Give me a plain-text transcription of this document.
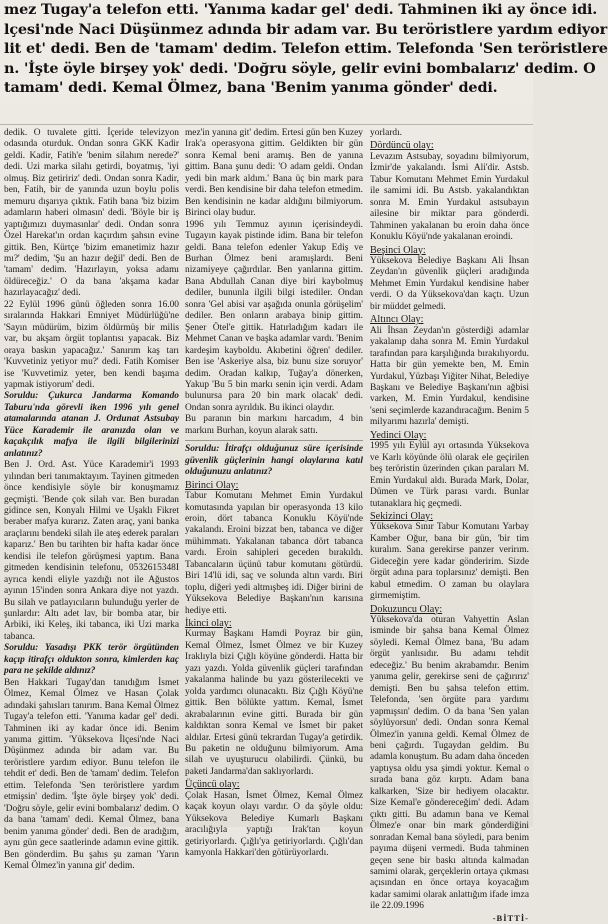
mez Tugay'a telefon etti. 'Yanıma kadar gel' dedi. Tahminen iki ay önce idi.

lçesi'nde Naci Düşünmez adında bir adam var. Bu teröristlere yardım ediyor

lit et' dedi. Ben de 'tamam' dedim. Telefon ettim. Telefonda 'Sen teröristlere

n. 'İşte öyle birşey yok' dedi. 'Doğru söyle, gelir evini bombalarız' dedim. O

tamam' dedi. Kemal Ölmez, bana 'Benim yanıma gönder' dedi.

dedik. O tuvalete gitti. İçeride televizyon odasında oturduk. Ondan sonra GKK Kadir geldi. Kadir, Fatih'e 'benim silahım nerede?' dedi. Uzi marka silahı getirdi, boyatmış, 'iyi olmuş. Biz getiririz' dedi. Ondan sonra Kadir, ben, Fatih, bir de yanında uzun boylu polis memuru dışarıya çıktık. Fatih bana 'biz bizim adamların haberi olmasın' dedi. 'Böyle bir iş yaptığımızı duymasınlar' dedi. Ondan sonra Özel Harekat'ın ordan kaçırdım şahsın evine gittik. Ben, Kürtçe 'bizim emanetimiz hazır mı?' dedim, 'Şu an hazır değil' dedi. Ben de 'tamam' dedim. 'Hazırlayın, yoksa adamı öldüreceğiz.' O da bana 'akşama kadar hazırlayacağız' dedi.

22 Eylül 1996 günü öğleden sonra 16.00 sıralarında Hakkari Emniyet Müdürlüğü'ne 'Sayın müdürüm, bizim öldürmüş bir milis var, bu akşam örgüt toplantısı yapacak. Biz oraya baskın yapacağız.' Sanırım kaş tarı 'Kuvvetiniz yetiyor mu?' dedi. Fatih Komiser ise 'Kuvvetimiz yeter, ben kendi başıma yapmak istiyorum' dedi.

Soruldu: Çukurca Jandarma Komando Taburu'nda görevli iken 1996 yılı genel atamalarında atanan J. Ordunat Astsubay Yüce Karademir ile aranızda olan ve kaçakçılık mafya ile ilgili bilgilerinizi anlatınız?

Ben J. Ord. Ast. Yüce Karademir'i 1993 yılından beri tanımaktayım. Tayinen gitmeden önce kendisiyle söyle bir konuşmamız geçmişti. 'Bende çok silah var. Ben buradan gidince sen, Konyalı Hilmi ve Uşaklı Fikret beraber mafya kurarız. Zaten araç, yani banka araçlarını bendeki silah ile ateş ederek paraları kaparız.' Ben bu tarihten bir hafta kadar önce kendisi ile telefon görüşmesi yaptım. Bana gitmeden kendisinin telefonu, 0532615348I ayrıca kendi eliyle yazdığı not ile Ağustos ayının 15'inden sonra Ankara diye not yazdı. Bu silah ve patlayıcıların bulunduğu yerler de şunlardır: Altı adet lav, bir bomba atar, bir Arbiki, iki Keleş, iki tabanca, iki Uzi marka tabanca.

Soruldu: Yasadışı PKK terör örgütünden kaçıp itirafçı oldukton sonra, kimlerden kaç para ne şekilde aldınız?

Ben Hakkari Tugay'dan tanıdığım İsmet Ölmez, Kemal Ölmez ve Hasan Çolak adındaki şahısları tanırım. Bana Kemal Ölmez Tugay'a telefon etti. 'Yanıma kadar gel' dedi. Tahminen iki ay kadar önce idi. Benim yanıma gittim. 'Yüksekova İlçesi'nde Naci Düşünmez adında bir adam var. Bu teröristlere yardım ediyor. Bunu telefon ile tehdit et' dedi. Ben de 'tamam' dedim. Telefon ettim. Telefonda 'Sen teröristlere yardım etmişsin' dedim. 'İşte öyle birşey yok' dedi. 'Doğru söyle, gelir evini bombalarız' dedim. O da bana 'tamam' dedi. Kemal Ölmez, bana benim yanıma gönder' dedi. Ben de aradığım, aynı gün gece saatlerinde adamın evine gittik. Ben gönderdim. Bu şahıs şu zaman 'Yarın Kemal Ölmez'in yanına git' dedim.

mez'in yanına git' dedim. Ertesi gün ben Kuzey Irak'a operasyona gittim. Geldikten bir gün sonra Kemal beni aramış. Ben de yanına gittim. Bana şunu dedi: 'O adam geldi. Ondan yedi bin mark aldım.' Bana üç bin mark para verdi. Ben kendisine bir daha telefon etmedim. Ben kendisinin ne kadar aldığını bilmiyorum. Birinci olay budur.

1996 yılı Temmuz ayının içerisindeydi. Tugayın kayak pistinde idim. Bana bir telefon geldi. Bana telefon edenler Yakup Ediş ve Burhan Ölmez beni aramışlardı. Beni nizamiyeye çağırdılar. Ben yanlarına gittim. Bana Abdullah Canan diye biri kaybolmuş dediler, bununla ilgili bilgi istediler. Ondan sonra 'Gel abisi var aşağıda onunla görüşelim' dediler. Ben onların arabaya binip gittim. Şener Ötel'e gittik. Hatırladığım kadarı ile Mehmet Canan ve başka adamlar vardı. 'Benim kardeşim kayboldu. Akıbetini öğren' dediler. Ben ise 'Askeriye alsa, biz bunu size soruyor' dedim. Oradan kalkıp, Tuğay'a dönerken, Yakup 'Bu 5 bin markı senin için verdi. Adam bulunursa para 20 bin mark olacak' dedi. Ondan sonra ayrıldık. Bu ikinci olaydır.

Bu paranın bin markını harcadım, 4 bin markını Burhan, koyun alarak sattı.

Soruldu: İtirafçı olduğunuz süre içerisinde güvenlik güçlerinin hangi olaylarına katıl olduğunuzu anlatınız?

Birinci Olay:

Tabur Komutanı Mehmet Emin Yurdakul komutasında yapılan bir operasyonda 13 kilo eroin, dört tabanca Konuklu Köyü'nde yakalandı. Eroini bizzat ben, tabanca ve diğer mühimmatı. Yakalanan tabanca dört tabanca vardı. Eroin sahipleri geceden bırakıldı. Tabancaların üçünü tabur komutanı götürdü. Biri 14'lü idi, saç ve solunda altın vardı. Biri toplu, diğeri yedi altmışbeş idi. Diğer birini de Yüksekova Belediye Başkanı'nın karısına hediye etti.

İkinci olay:

Kurmay Başkanı Hamdi Poyraz bir gün, Kemal Ölmez, İsmet Ölmez ve bir Kuzey Iraklıyla bizi Çığlı köyüne gönderdi. Hatta bir yazı yazdı. Yolda güvenlik güçleri tarafından yakalanma halinde bu yazı gösterilecekti ve yolda yardımcı olunacaktı. Biz Çığlı Köyü'ne gittik. Ben bölükte yattım. Kemal, İsmet akrabalarının evine gitti. Burada bir gün kaldıktan sonra Kemal ve İsmet bir paket aldılar. Ertesi günü tekrardan Tugay'a getirdik. Bu paketin ne olduğunu bilmiyorum. Ama silah ve uyuşturucu olabilirdi. Çünkü, bu paketi Jandarma'dan saklıyorlardı.

Üçüncü olay:

Çolak Hasan, İsmet Ölmez, Kemal Ölmez kaçak koyun olayı vardır. O da şöyle oldu: Yüksekova Belediye Kumarlı Başkanı aracılığıyla yaptığı Irak'tan koyun getiriyorlardı. Çığlı'ya getiriyorlardı. Çığlı'dan kamyonla Hakkari'den götürüyorlardı.

yorlardı.

Dördüncü olay:

Levazım Astsubay, soyadını bilmiyorum, İzmir'de yakalandı. İsmi Ali'dir. Astsb. Tabur Komutanı Mehmet Emin Yurdakul ile samimi idi. Bu Astsb. yakalandıktan sonra M. Emin Yurdakul astsubayın ailesine bir miktar para gönderdi. Tahminen yakalanan bu eroin daha önce Konuklu Köyü'nde yakalanan eroindi.

Beşinci Olay:

Yüksekova Belediye Başkanı Ali İhsan Zeydan'ın güvenlik güçleri aradığında Mehmet Emin Yurdakul kendisine haber verdi. O da Yüksekova'dan kaçtı. Uzun bir müddet gelmedi.

Altıncı Olay:

Ali İhsan Zeydan'ın gösterdiği adamlar yakalanıp daha sonra M. Emin Yurdakul tarafından para karşılığında bırakılıyordu. Hatta bir gün yemekte ben, M. Emin Yurdakul, Yüzbaşı Yiğiter Nihat, Belediye Başkanı ve Belediye Başkanı'nın ağbisi varken, M. Emin Yurdakul, kendisine 'seni seçimlerde kazandıracağım. Benim 5 milyarımı hazırla' demişti.

Yedinci Olay:

1995 yılı Eylül ayı ortasında Yüksekova ve Karlı köyünde ölü olarak ele geçirilen beş teröristin üzerinden çıkan paraları M. Emin Yurdakul aldı. Burada Mark, Dolar, Dümen ve Türk parası vardı. Bunlar tutanaklara hiç geçmedi.

Sekizinci Olay:

Yüksekova Sınır Tabur Komutanı Yarbay Kamber Oğur, bana bir gün, 'bir tim kuralım. Sana gerekirse panzer verirım. Gideceğin yere kadar gönderirim. Sizde örgüt adına para toplarsınız' demişti. Ben kabul etmedim. O zaman bu olaylara girmemiştim.

Dokuzuncu Olay:

Yüksekova'da oturan Vahyettin Aslan isminde bir şahsa bana Kemal Ölmez söyledi. Kemal Ölmez bana, 'Bu adam örgüt yanlısıdır. Bu adamı tehdit edeceğiz.' Bu benim akrabamdır. Benim yanıma gelir, gerekirse seni de çağırırız' demişti. Ben bu şahsa telefon ettim. Telefonda, 'sen örgüte para yardımı yapmışsın' dedim. O da bana 'Sen yalan söylüyorsun' dedi. Ondan sonra Kemal Ölmez'in yanına geldi. Kemal Ölmez de beni çağırdı. Tugaydan geldim. Bu adamla konuştum. Bu adam daha önceden yaptıysa oldu ysa şimdi yoktur. Kemal o sırada bana göz kırptı. Adam bana kalkarken, 'Size bir hediyem olacaktır. Size Kemal'e göndereceğim' dedi. Adam çıktı gitti. Bu adamın bana ve Kemal Ölmez'e onar bin mark gönderdiğini sonradan Kemal bana söyledi, para benim payıma düşeni vermedi. Buda tahminen geçen sene bir baskı altında kalmadan samimi olarak, gerçeklerin ortaya çıkması açısından en önce ortaya koyacağım kadar samimi olarak anlattığım ifade imza ile 22.09.1996

-BİTTİ-
